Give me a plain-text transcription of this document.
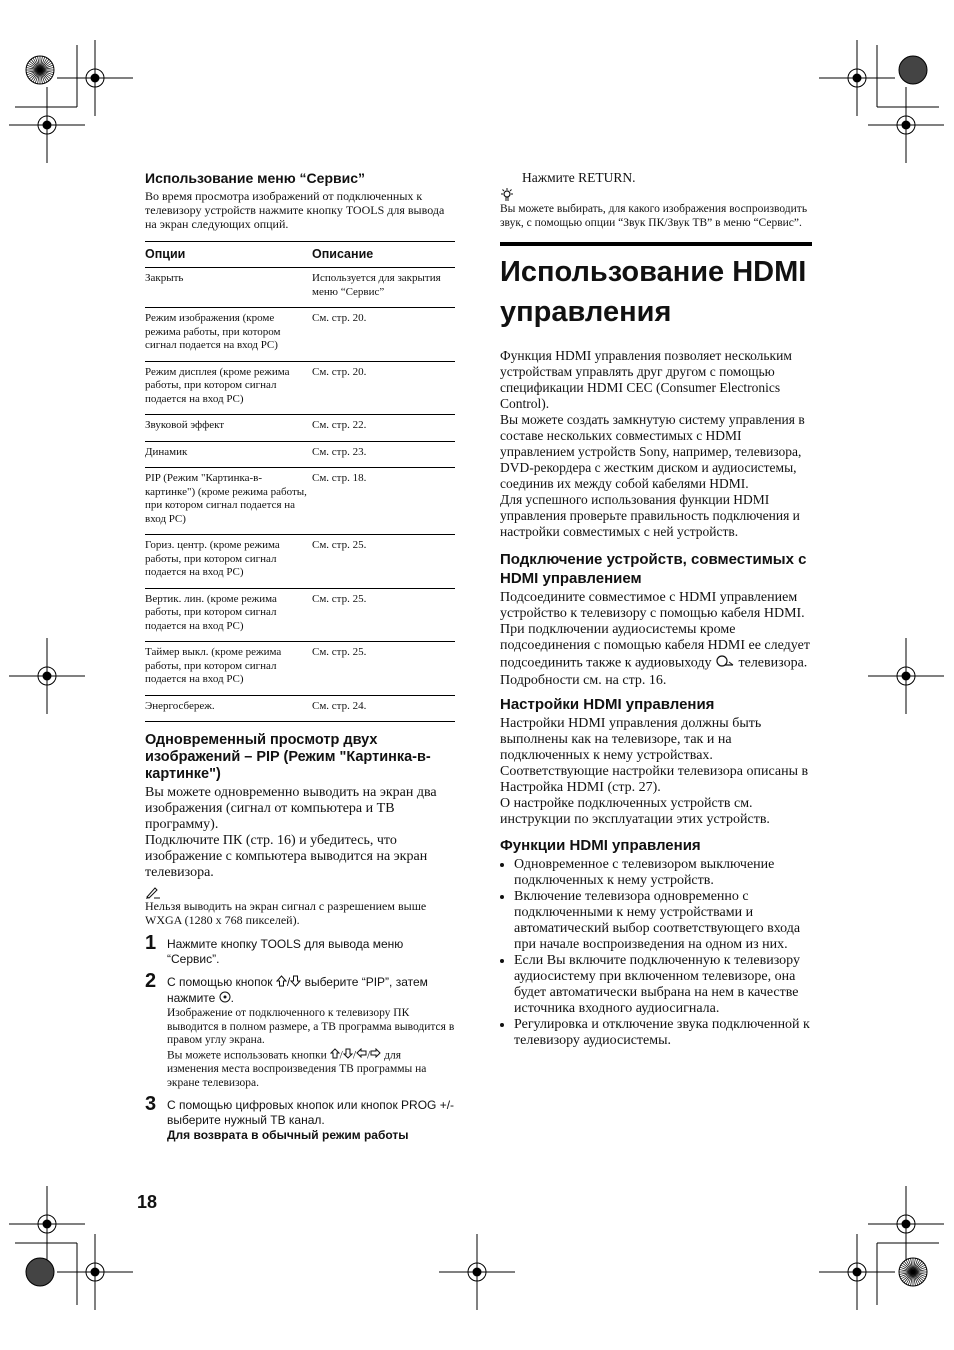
Использование меню “Сервис”

Во время просмотра изображений от подключенных к телевизору устройств нажмите кнопку TOOLS для вывода на экран следующих опций.

Опции	Описание
Закрыть	Используется для закрытия меню “Сервис”
Режим изображения (кроме режима работы, при котором сигнал подается на вход PC)	См. стр. 20.
Режим дисплея (кроме режима работы, при котором сигнал подается на вход PC)	См. стр. 20.
Звуковой эффект	См. стр. 22.
Динамик	См. стр. 23.
PIP (Режим "Картинка-в-картинке") (кроме режима работы, при котором сигнал подается на вход PC)	См. стр. 18.
Гориз. центр. (кроме режима работы, при котором сигнал подается на вход PC)	См. стр. 25.
Вертик. лин. (кроме режима работы, при котором сигнал подается на вход PC)	См. стр. 25.
Таймер выкл. (кроме режима работы, при котором сигнал подается на вход PC)	См. стр. 25.
Энергосбереж.	См. стр. 24.

Одновременный просмотр двух изображений – PIP (Режим "Картинка-в-картинке")

Вы можете одновременно выводить на экран два изображения (сигнал от компьютера и ТВ программу).

Подключите ПК (стр. 16) и убедитесь, что изображение с компьютера выводится на экран телевизора.

Нельзя выводить на экран сигнал с разрешением выше WXGA (1280 x 768 пикселей).

1 Нажмите кнопку TOOLS для вывода меню “Сервис”.

2 С помощью кнопок / выберите “PIP”, затем нажмите .

Изображение от подключенного к телевизору ПК выводится в полном размере, а ТВ программа выводится в правом углу экрана.

Вы можете использовать кнопки / / / для изменения места воспроизведения ТВ программы на экране телевизора.

3 С помощью цифровых кнопок или кнопок PROG +/- выберите нужный ТВ канал.

Для возврата в обычный режим работы

Нажмите RETURN.

Вы можете выбирать, для какого изображения воспроизводить звук, с помощью опции “Звук ПК/Звук ТВ” в меню “Сервис”.

Использование HDMI
управления

Функция HDMI управления позволяет нескольким устройствам управлять друг другом с помощью спецификации HDMI CEC (Consumer Electronics Control).

Вы можете создать замкнутую систему управления в составе нескольких совместимых с HDMI управлением устройств Sony, например, телевизора, DVD-рекордера с жестким диском и аудиосистемы, соединив их между собой кабелями HDMI.

Для успешного использования функции HDMI управления проверьте правильность подключения и настройки совместимых с ней устройств.

Подключение устройств, совместимых с HDMI управлением

Подсоедините совместимое с HDMI управлением устройство к телевизору с помощью кабеля HDMI. При подключении аудиосистемы кроме подсоединения с помощью кабеля HDMI ее следует подсоединить также к аудиовыходу телевизора. Подробности см. на стр. 16.

Настройки HDMI управления

Настройки HDMI управления должны быть выполнены как на телевизоре, так и на подключенных к нему устройствах. Соответствующие настройки телевизора описаны в Настройка HDMI (стр. 27).

О настройке подключенных устройств см. инструкции по эксплуатации этих устройств.

Функции HDMI управления

• Одновременное с телевизором выключение подключенных к нему устройств.
• Включение телевизора одновременно с подключенными к нему устройствами и автоматический выбор соответствующего входа при начале воспроизведения на одном из них.
• Если Вы включите подключенную к телевизору аудиосистему при включенном телевизоре, она будет автоматически выбрана на нем в качестве источника входного аудиосигнала.
• Регулировка и отключение звука подключенной к телевизору аудиосистемы.
18
